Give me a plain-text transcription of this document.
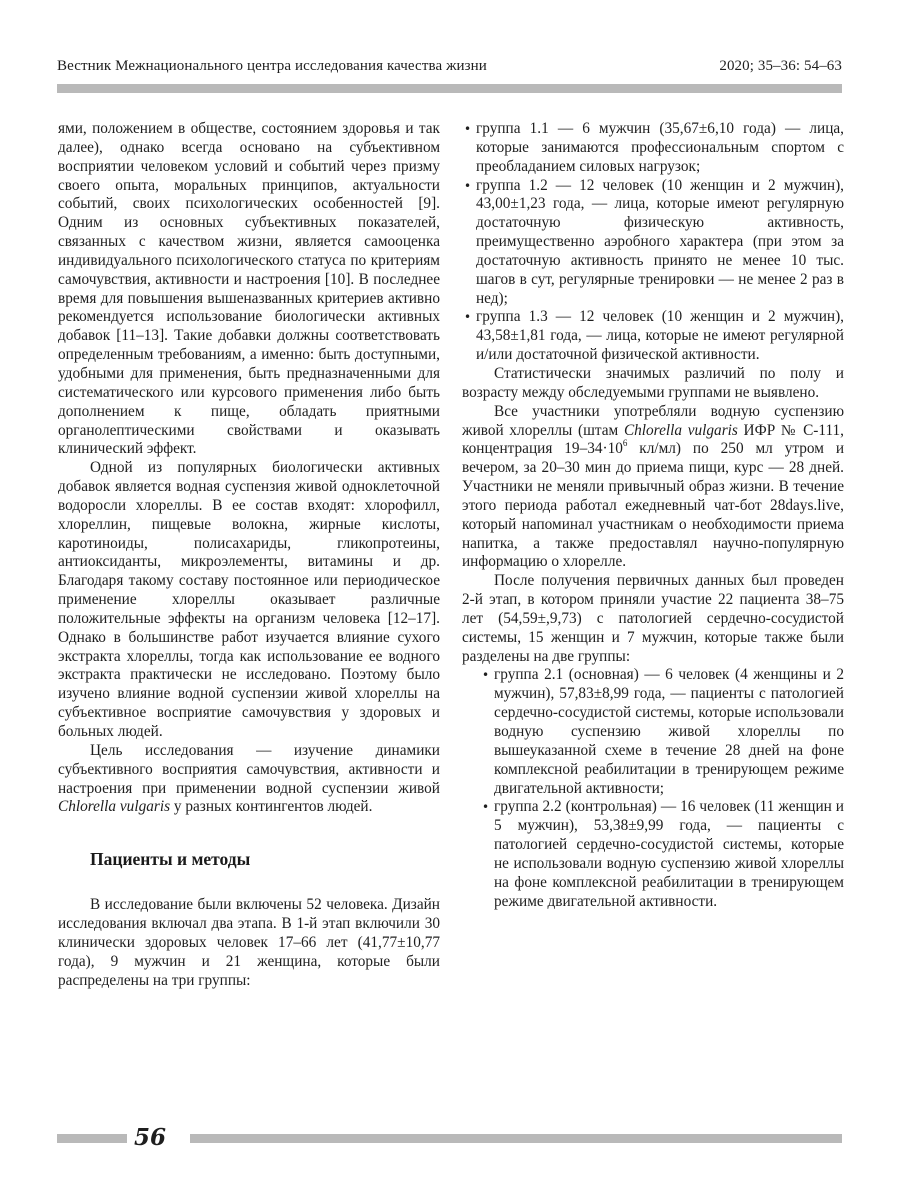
Вестник Межнационального центра исследования качества жизни	2020; 35–36: 54–63

ями, положением в обществе, состоянием здоровья и так далее), однако всегда основано на субъективном восприятии человеком условий и событий через призму своего опыта, моральных принципов, актуальности событий, своих психологических особенностей [9]. Одним из основных субъективных показателей, связанных с качеством жизни, является самооценка индивидуального психологического статуса по критериям самочувствия, активности и настроения [10]. В последнее время для повышения вышеназванных критериев активно рекомендуется использование биологически активных добавок [11–13]. Такие добавки должны соответствовать определенным требованиям, а именно: быть доступными, удобными для применения, быть предназначенными для систематического или курсового применения либо быть дополнением к пище, обладать приятными органолептическими свойствами и оказывать клинический эффект.

Одной из популярных биологически активных добавок является водная суспензия живой одноклеточной водоросли хлореллы. В ее состав входят: хлорофилл, хлореллин, пищевые волокна, жирные кислоты, каротиноиды, полисахариды, гликопротеины, антиоксиданты, микроэлементы, витамины и др. Благодаря такому составу постоянное или периодическое применение хлореллы оказывает различные положительные эффекты на организм человека [12–17]. Однако в большинстве работ изучается влияние сухого экстракта хлореллы, тогда как использование ее водного экстракта практически не исследовано. Поэтому было изучено влияние водной суспензии живой хлореллы на субъективное восприятие самочувствия у здоровых и больных людей.

Цель исследования — изучение динамики субъективного восприятия самочувствия, активности и настроения при применении водной суспензии живой Chlorella vulgaris у разных контингентов людей.

Пациенты и методы

В исследование были включены 52 человека. Дизайн исследования включал два этапа. В 1-й этап включили 30 клинически здоровых человек 17–66 лет (41,77±10,77 года), 9 мужчин и 21 женщина, которые были распределены на три группы:

• группа 1.1 — 6 мужчин (35,67±6,10 года) — лица, которые занимаются профессиональным спортом с преобладанием силовых нагрузок;
• группа 1.2 — 12 человек (10 женщин и 2 мужчин), 43,00±1,23 года, — лица, которые имеют регулярную достаточную физическую активность, преимущественно аэробного характера (при этом за достаточную активность принято не менее 10 тыс. шагов в сут, регулярные тренировки — не менее 2 раз в нед);
• группа 1.3 — 12 человек (10 женщин и 2 мужчин), 43,58±1,81 года, — лица, которые не имеют регулярной и/или достаточной физической активности.

Статистически значимых различий по полу и возрасту между обследуемыми группами не выявлено.

Все участники употребляли водную суспензию живой хлореллы (штам Chlorella vulgaris ИФР № С-111, концентрация $19-34\cdot 10^6$ кл/мл) по 250 мл утром и вечером, за 20–30 мин до приема пищи, курс — 28 дней. Участники не меняли привычный образ жизни. В течение этого периода работал ежедневный чат-бот 28days.live, который напоминал участникам о необходимости приема напитка, а также предоставлял научно-популярную информацию о хлорелле.

После получения первичных данных был проведен 2-й этап, в котором приняли участие 22 пациента 38–75 лет (54,59±,9,73) с патологией сердечно-сосудистой системы, 15 женщин и 7 мужчин, которые также были разделены на две группы:

• группа 2.1 (основная) — 6 человек (4 женщины и 2 мужчин), 57,83±8,99 года, — пациенты с патологией сердечно-сосудистой системы, которые использовали водную суспензию живой хлореллы по вышеуказанной схеме в течение 28 дней на фоне комплексной реабилитации в тренирующем режиме двигательной активности;
• группа 2.2 (контрольная) — 16 человек (11 женщин и 5 мужчин), 53,38±9,99 года, — пациенты с патологией сердечно-сосудистой системы, которые не использовали водную суспензию живой хлореллы на фоне комплексной реабилитации в тренирующем режиме двигательной активности.
56
